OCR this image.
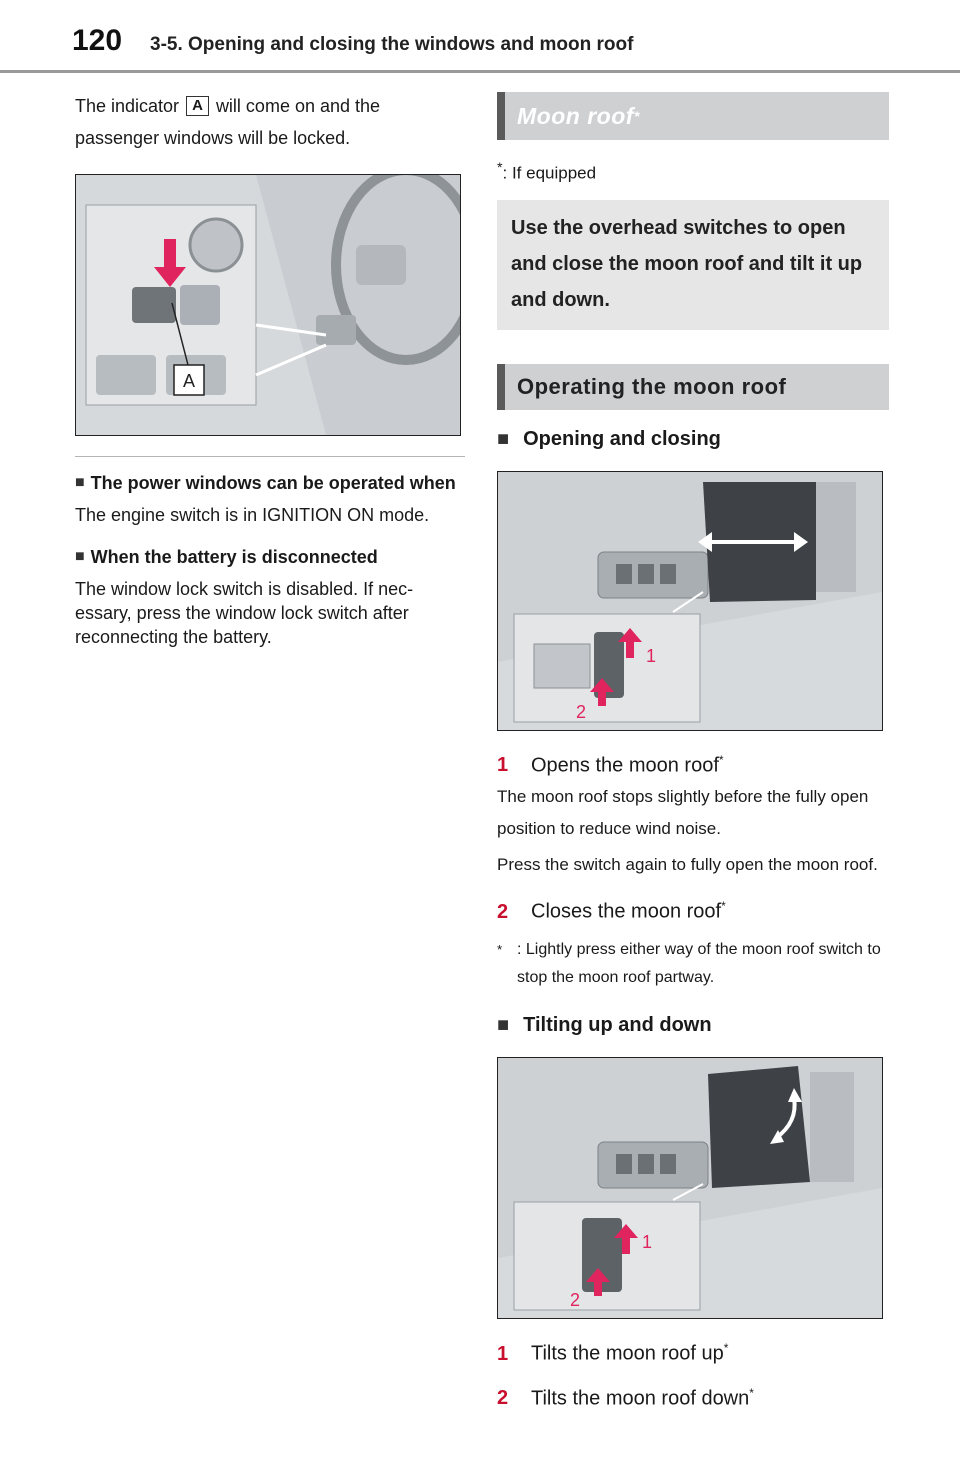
120 3-5. Opening and closing the windows and moon roof

The indicator A will come on and the passenger windows will be locked.

A
■ The power windows can be operated when

The engine switch is in IGNITION ON mode.

■ When the battery is disconnected

The window lock switch is disabled. If nec-essary, press the window lock switch after reconnecting the battery.

Moon roof *
*: If equipped
Use the overhead switches to open and close the moon roof and tilt it up and down.
Operating the moon roof
■ Opening and closing
1
2
1	Opens the moon roof*

The moon roof stops slightly before the fully open position to reduce wind noise.

Press the switch again to fully open the moon roof.

2	Closes the moon roof*
* : Lightly press either way of the moon roof switch to stop the moon roof partway.
■ Tilting up and down
1
2
1	Tilts the moon roof up*
2	Tilts the moon roof down*
